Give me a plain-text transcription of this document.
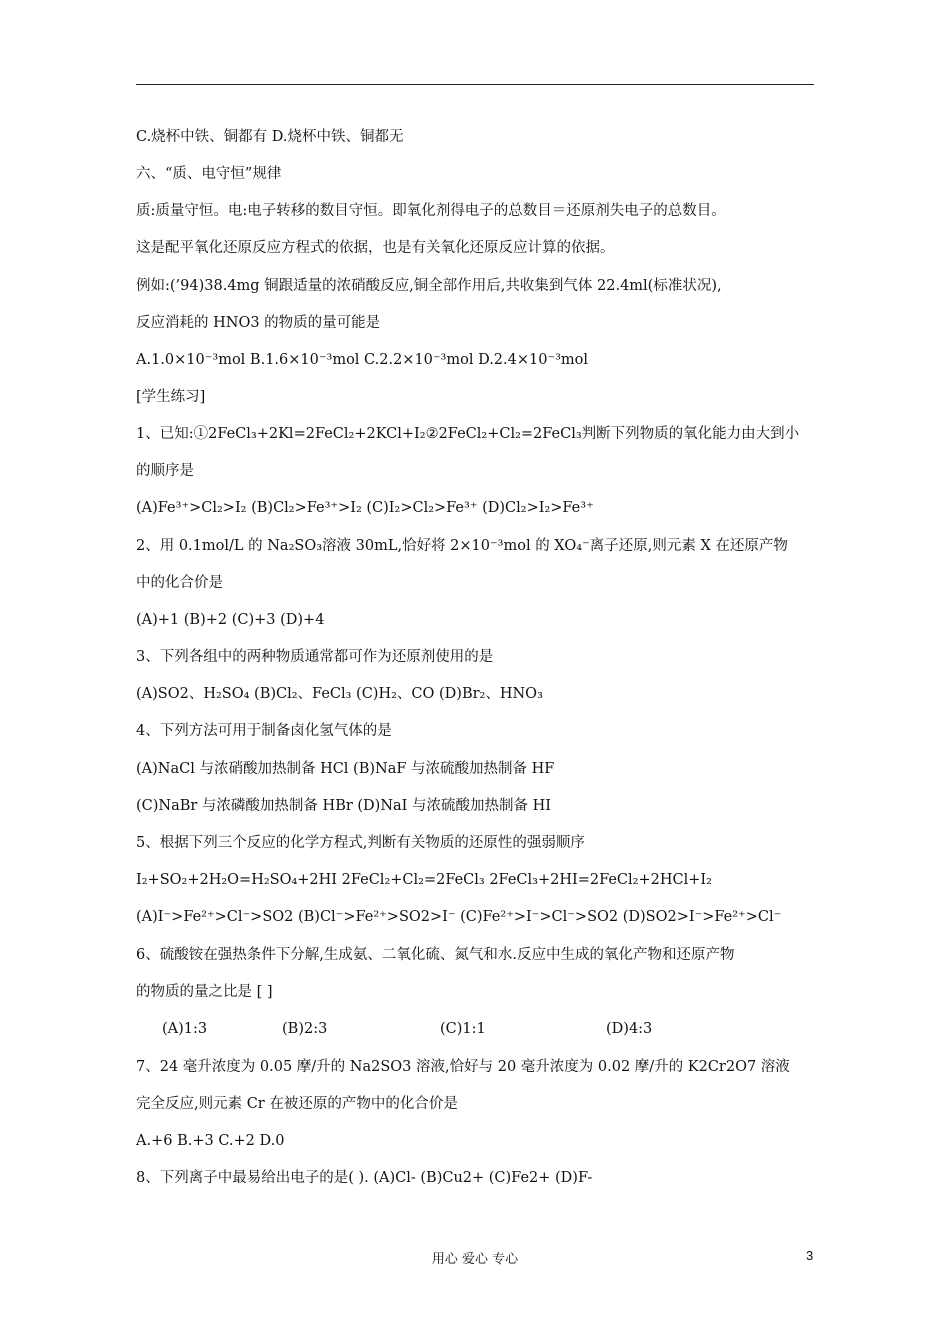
C.烧杯中铁、铜都有 D.烧杯中铁、铜都无
六、“质、电守恒”规律
质:质量守恒。电:电子转移的数目守恒。即氧化剂得电子的总数目＝还原剂失电子的总数目。
这是配平氧化还原反应方程式的依据，也是有关氧化还原反应计算的依据。
例如:(’94)38.4mg 铜跟适量的浓硝酸反应,铜全部作用后,共收集到气体 22.4ml(标准状况),
反应消耗的 HNO3 的物质的量可能是
A.1.0×10⁻³mol B.1.6×10⁻³mol C.2.2×10⁻³mol D.2.4×10⁻³mol
[学生练习]
1、已知:①2FeCl₃+2Kl=2FeCl₂+2KCl+I₂②2FeCl₂+Cl₂=2FeCl₃判断下列物质的氧化能力由大到小
的顺序是
(A)Fe³⁺>Cl₂>I₂ (B)Cl₂>Fe³⁺>I₂ (C)I₂>Cl₂>Fe³⁺ (D)Cl₂>I₂>Fe³⁺
2、用 0.1mol/L 的 Na₂SO₃溶液 30mL,恰好将 2×10⁻³mol 的 XO₄⁻离子还原,则元素 X 在还原产物
中的化合价是
(A)+1 (B)+2 (C)+3 (D)+4
3、下列各组中的两种物质通常都可作为还原剂使用的是
(A)SO2、H₂SO₄ (B)Cl₂、FeCl₃ (C)H₂、CO (D)Br₂、HNO₃
4、下列方法可用于制备卤化氢气体的是
(A)NaCl 与浓硝酸加热制备 HCl (B)NaF 与浓硫酸加热制备 HF
(C)NaBr 与浓磷酸加热制备 HBr (D)NaI 与浓硫酸加热制备 HI
5、根据下列三个反应的化学方程式,判断有关物质的还原性的强弱顺序
I₂+SO₂+2H₂O=H₂SO₄+2HI 2FeCl₂+Cl₂=2FeCl₃ 2FeCl₃+2HI=2FeCl₂+2HCl+I₂
(A)I⁻>Fe²⁺>Cl⁻>SO2 (B)Cl⁻>Fe²⁺>SO2>I⁻ (C)Fe²⁺>I⁻>Cl⁻>SO2 (D)SO2>I⁻>Fe²⁺>Cl⁻
6、硫酸铵在强热条件下分解,生成氨、二氧化硫、氮气和水.反应中生成的氧化产物和还原产物
的物质的量之比是 [ ]
(A)1:3	(B)2:3	(C)1:1	(D)4:3
7、24 毫升浓度为 0.05 摩/升的 Na2SO3 溶液,恰好与 20 毫升浓度为 0.02 摩/升的 K2Cr2O7 溶液
完全反应,则元素 Cr 在被还原的产物中的化合价是
A.+6 B.+3 C.+2 D.0
8、下列离子中最易给出电子的是( ). (A)Cl- (B)Cu2+ (C)Fe2+ (D)F-
用心 爱心 专心	3
